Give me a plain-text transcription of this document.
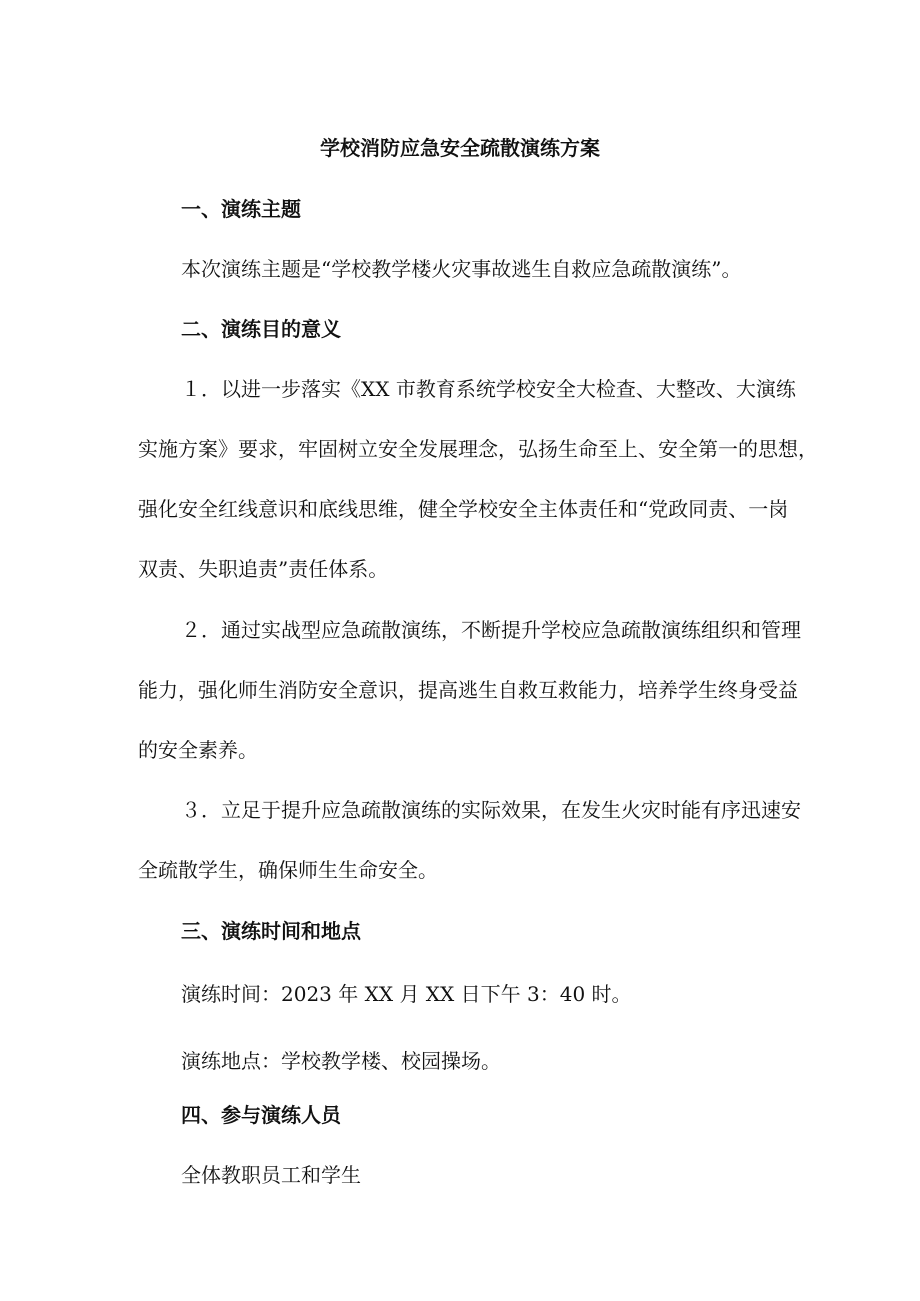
学校消防应急安全疏散演练方案

一、演练主题

本次演练主题是“学校教学楼火灾事故逃生自救应急疏散演练”。

二、演练目的意义

１．以进一步落实《XX 市教育系统学校安全大检查、大整改、大演练
实施方案》要求，牢固树立安全发展理念，弘扬生命至上、安全第一的思想，
强化安全红线意识和底线思维，健全学校安全主体责任和“党政同责、一岗
双责、失职追责”责任体系。
２．通过实战型应急疏散演练，不断提升学校应急疏散演练组织和管理
能力，强化师生消防安全意识，提高逃生自救互救能力，培养学生终身受益
的安全素养。
３．立足于提升应急疏散演练的实际效果，在发生火灾时能有序迅速安
全疏散学生，确保师生生命安全。

三、演练时间和地点

演练时间：2023 年 XX 月 XX 日下午 3：40 时。

演练地点：学校教学楼、校园操场。

四、参与演练人员

全体教职员工和学生
